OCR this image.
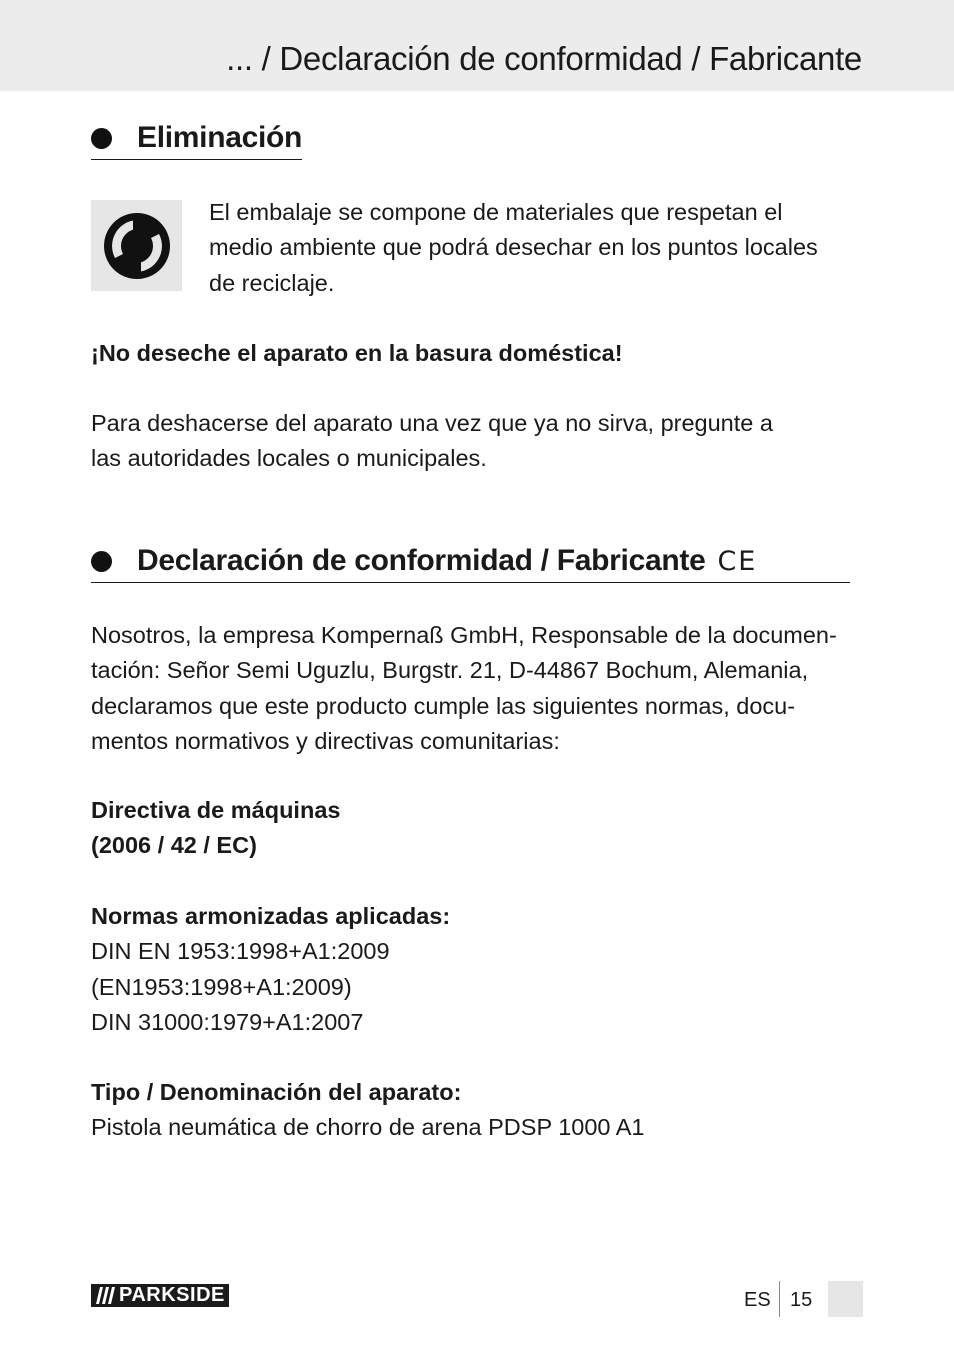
... / Declaración de conformidad / Fabricante
Eliminación
El embalaje se compone de materiales que respetan el
medio ambiente que podrá desechar en los puntos locales
de reciclaje.
¡No deseche el aparato en la basura doméstica!
Para deshacerse del aparato una vez que ya no sirva, pregunte a
las autoridades locales o municipales.
Declaración de conformidad / Fabricante CE
Nosotros, la empresa Kompernaß GmbH, Responsable de la documen-
tación: Señor Semi Uguzlu, Burgstr. 21, D-44867 Bochum, Alemania,
declaramos que este producto cumple las siguientes normas, docu-
mentos normativos y directivas comunitarias:
Directiva de máquinas
(2006 / 42 / EC)
Normas armonizadas aplicadas:
DIN EN 1953:1998+A1:2009
(EN1953:1998+A1:2009)
DIN 31000:1979+A1:2007
Tipo / Denominación del aparato:
Pistola neumática de chorro de arena PDSP 1000 A1
PARKSIDE	ES 15
